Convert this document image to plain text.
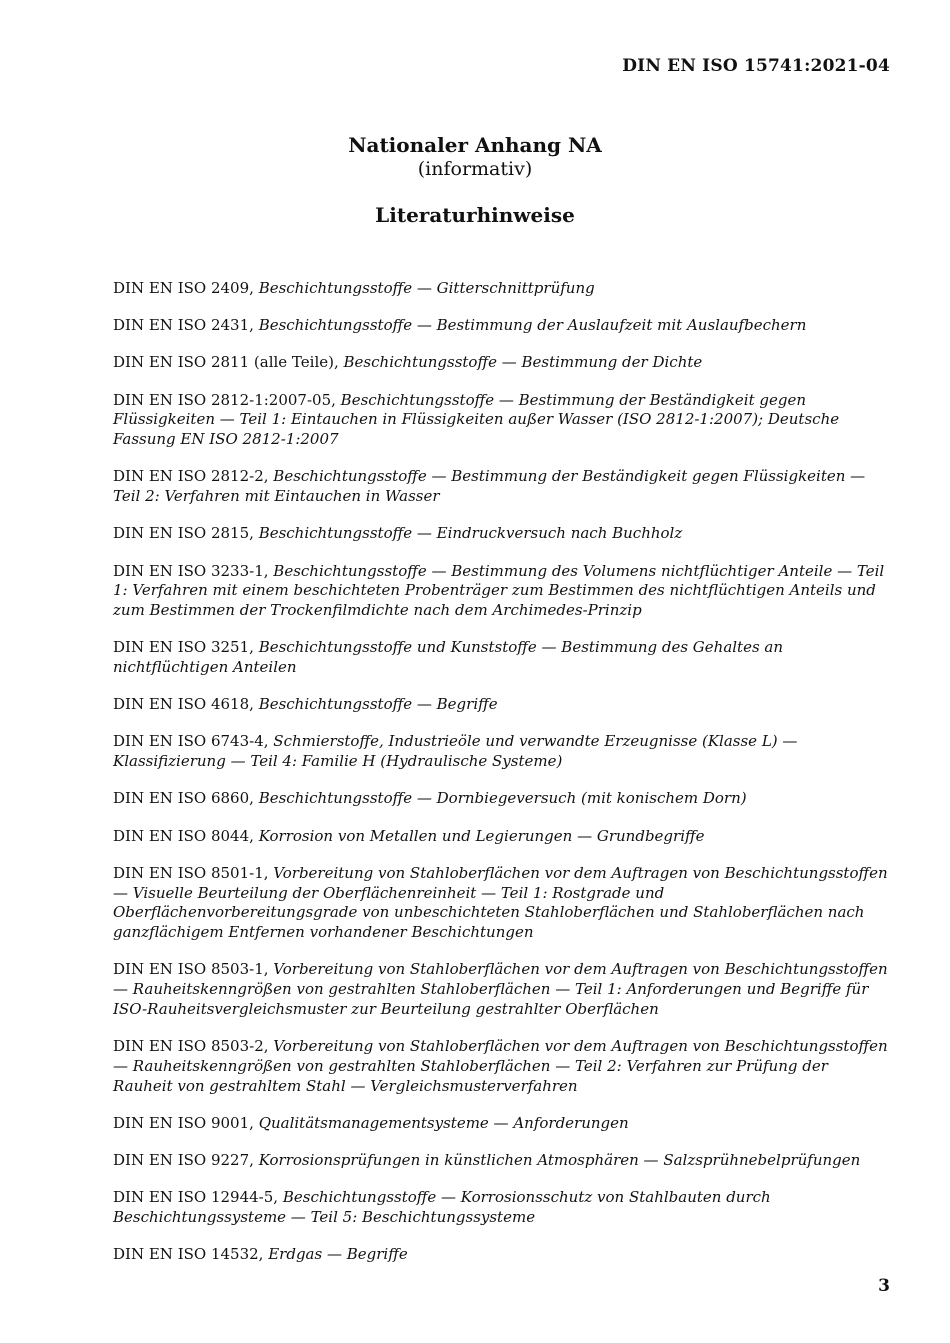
DIN EN ISO 15741:2021-04
Nationaler Anhang NA
(informativ)
Literaturhinweise

DIN EN ISO 2409, Beschichtungsstoffe — Gitterschnittprüfung

DIN EN ISO 2431, Beschichtungsstoffe — Bestimmung der Auslaufzeit mit Auslaufbechern

DIN EN ISO 2811 (alle Teile), Beschichtungsstoffe — Bestimmung der Dichte

DIN EN ISO 2812-1:2007-05, Beschichtungsstoffe — Bestimmung der Beständigkeit gegen Flüssigkeiten — Teil 1: Eintauchen in Flüssigkeiten außer Wasser (ISO 2812-1:2007); Deutsche Fassung EN ISO 2812-1:2007

DIN EN ISO 2812-2, Beschichtungsstoffe — Bestimmung der Beständigkeit gegen Flüssigkeiten — Teil 2: Verfahren mit Eintauchen in Wasser

DIN EN ISO 2815, Beschichtungsstoffe — Eindruckversuch nach Buchholz

DIN EN ISO 3233-1, Beschichtungsstoffe — Bestimmung des Volumens nichtflüchtiger Anteile — Teil 1: Verfahren mit einem beschichteten Probenträger zum Bestimmen des nichtflüchtigen Anteils und zum Bestimmen der Trockenfilmdichte nach dem Archimedes-Prinzip

DIN EN ISO 3251, Beschichtungsstoffe und Kunststoffe — Bestimmung des Gehaltes an nichtflüchtigen Anteilen

DIN EN ISO 4618, Beschichtungsstoffe — Begriffe

DIN EN ISO 6743-4, Schmierstoffe, Industrieöle und verwandte Erzeugnisse (Klasse L) — Klassifizierung — Teil 4: Familie H (Hydraulische Systeme)

DIN EN ISO 6860, Beschichtungsstoffe — Dornbiegeversuch (mit konischem Dorn)

DIN EN ISO 8044, Korrosion von Metallen und Legierungen — Grundbegriffe

DIN EN ISO 8501-1, Vorbereitung von Stahloberflächen vor dem Auftragen von Beschichtungsstoffen — Visuelle Beurteilung der Oberflächenreinheit — Teil 1: Rostgrade und Oberflächenvorbereitungsgrade von unbeschichteten Stahloberflächen und Stahloberflächen nach ganzflächigem Entfernen vorhandener Beschichtungen

DIN EN ISO 8503-1, Vorbereitung von Stahloberflächen vor dem Auftragen von Beschichtungsstoffen — Rauheitskenngrößen von gestrahlten Stahloberflächen — Teil 1: Anforderungen und Begriffe für ISO-Rauheitsvergleichsmuster zur Beurteilung gestrahlter Oberflächen

DIN EN ISO 8503-2, Vorbereitung von Stahloberflächen vor dem Auftragen von Beschichtungsstoffen — Rauheitskenngrößen von gestrahlten Stahloberflächen — Teil 2: Verfahren zur Prüfung der Rauheit von gestrahltem Stahl — Vergleichsmusterverfahren

DIN EN ISO 9001, Qualitätsmanagementsysteme — Anforderungen

DIN EN ISO 9227, Korrosionsprüfungen in künstlichen Atmosphären — Salzsprühnebelprüfungen

DIN EN ISO 12944-5, Beschichtungsstoffe — Korrosionsschutz von Stahlbauten durch Beschichtungssysteme — Teil 5: Beschichtungssysteme

DIN EN ISO 14532, Erdgas — Begriffe

3
